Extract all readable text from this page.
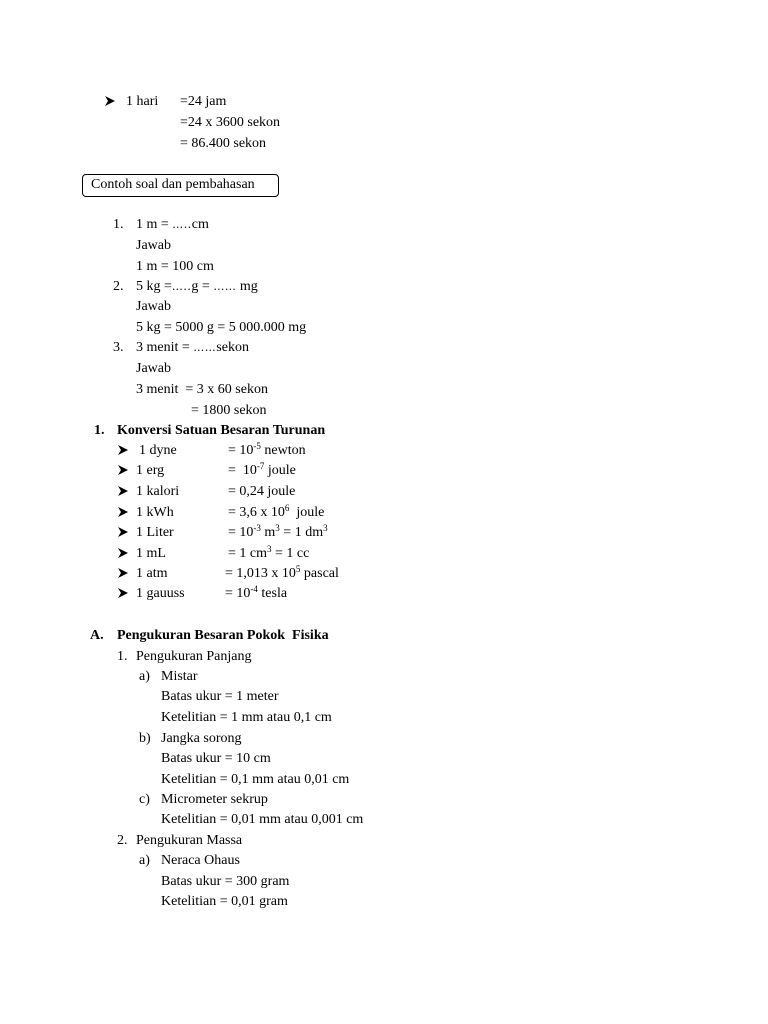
1 hari =24 jam
=24 x 3600 sekon
= 86.400 sekon
Contoh soal dan pembahasan
1. 1 m = …..cm
Jawab
1 m = 100 cm
2. 5 kg =…..g = …… mg
Jawab
5 kg = 5000 g = 5 000.000 mg
3. 3 menit = ……sekon
Jawab
3 menit  = 3 x 60 sekon
= 1800 sekon
1. Konversi Satuan Besaran Turunan
1 dyne	= $10^{-5}$ newton
1 erg	=  $10^{-7}$ joule
1 kalori	= 0,24 joule
1 kWh	= 3,6 x $10^6$  joule
1 Liter	= $10^{-3}$ $m^3 = 1$ $dm^3$
1 mL	= 1 $cm^3 = 1$ cc
1 atm	= 1,013 x $10^5$ pascal
1 gauuss	= $10^{-4}$ tesla
A. Pengukuran Besaran Pokok  Fisika
1. Pengukuran Panjang
a) Mistar
Batas ukur = 1 meter
Ketelitian = 1 mm atau 0,1 cm
b) Jangka sorong
Batas ukur = 10 cm
Ketelitian = 0,1 mm atau 0,01 cm
c) Micrometer sekrup
Ketelitian = 0,01 mm atau 0,001 cm
2. Pengukuran Massa
a) Neraca Ohaus
Batas ukur = 300 gram
Ketelitian = 0,01 gram
